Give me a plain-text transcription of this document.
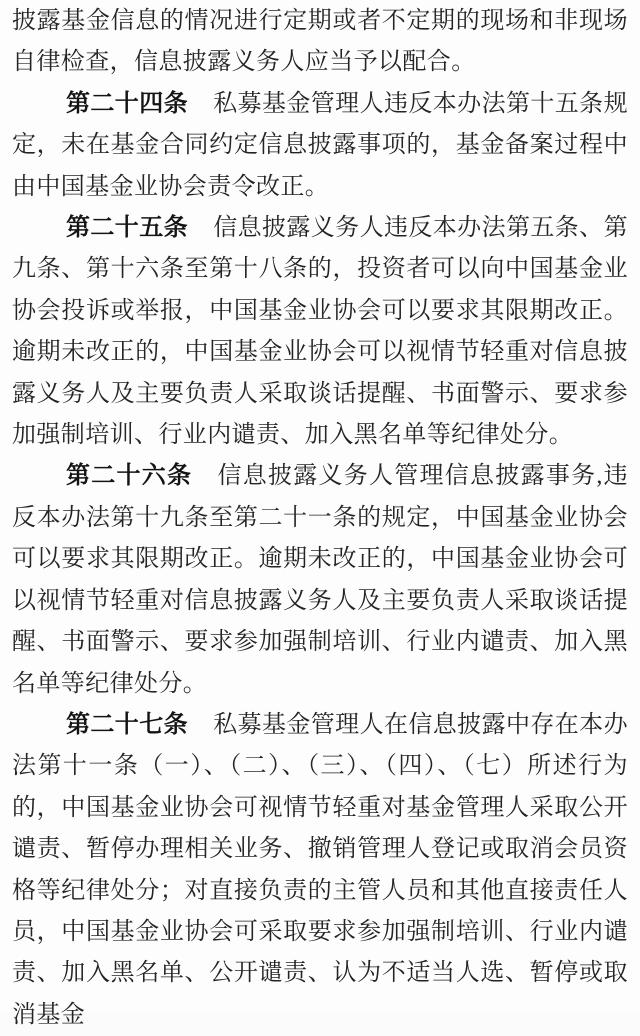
披露基金信息的情况进行定期或者不定期的现场和非现场自律检查，信息披露义务人应当予以配合。

第二十四条 私募基金管理人违反本办法第十五条规定，未在基金合同约定信息披露事项的，基金备案过程中由中国基金业协会责令改正。

第二十五条 信息披露义务人违反本办法第五条、第九条、第十六条至第十八条的，投资者可以向中国基金业协会投诉或举报，中国基金业协会可以要求其限期改正。逾期未改正的，中国基金业协会可以视情节轻重对信息披露义务人及主要负责人采取谈话提醒、书面警示、要求参加强制培训、行业内谴责、加入黑名单等纪律处分。

第二十六条 信息披露义务人管理信息披露事务,违反本办法第十九条至第二十一条的规定，中国基金业协会可以要求其限期改正。逾期未改正的，中国基金业协会可以视情节轻重对信息披露义务人及主要负责人采取谈话提醒、书面警示、要求参加强制培训、行业内谴责、加入黑名单等纪律处分。

第二十七条 私募基金管理人在信息披露中存在本办法第十一条（一）、（二）、（三）、（四）、（七）所述行为的，中国基金业协会可视情节轻重对基金管理人采取公开谴责、暂停办理相关业务、撤销管理人登记或取消会员资格等纪律处分；对直接负责的主管人员和其他直接责任人员，中国基金业协会可采取要求参加强制培训、行业内谴责、加入黑名单、公开谴责、认为不适当人选、暂停或取消基金
